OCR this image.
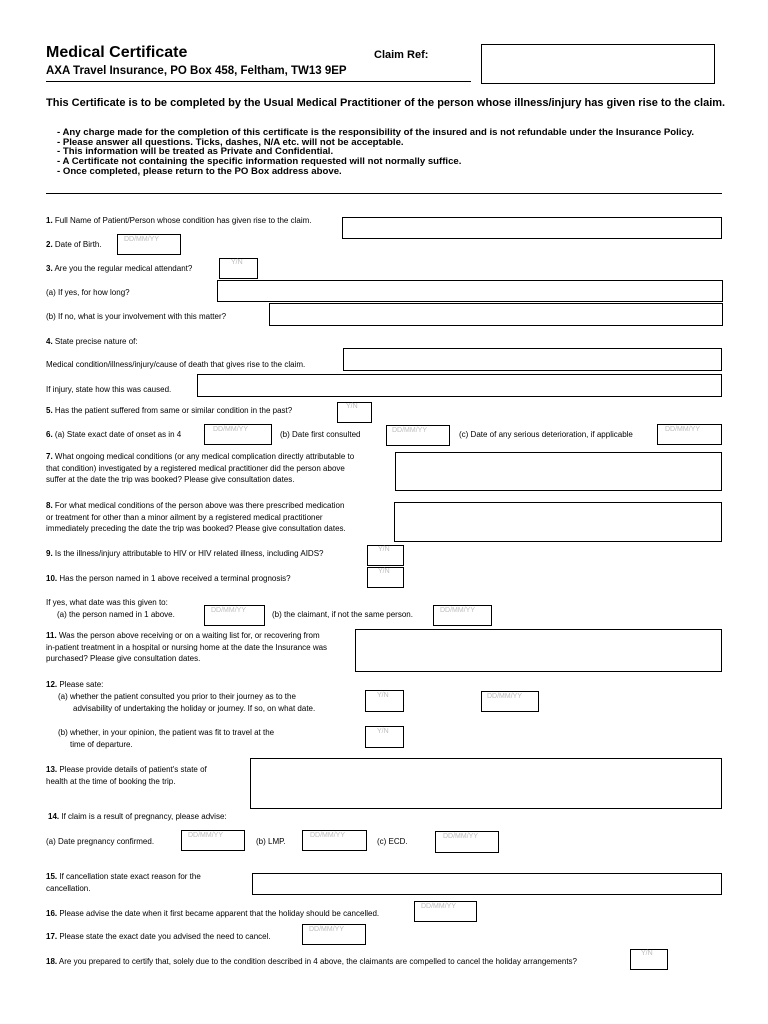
Medical Certificate
AXA Travel Insurance, PO Box 458, Feltham, TW13 9EP
Claim Ref:
This Certificate is to be completed by the Usual Medical Practitioner of the person whose illness/injury has given rise to the claim.
- Any charge made for the completion of this certificate is the responsibility of the insured and is not refundable under the Insurance Policy.
- Please answer all questions. Ticks, dashes, N/A etc. will not be acceptable.
- This information will be treated as Private and Confidential.
- A Certificate not containing the specific information requested will not normally suffice.
- Once completed, please return to the PO Box address above.
1. Full Name of Patient/Person whose condition has given rise to the claim.
2. Date of Birth.
DD/MM/YY
3. Are you the regular medical attendant?
Y/N
(a) If yes, for how long?
(b) If no, what is your involvement with this matter?
4. State precise nature of:
Medical condition/illness/injury/cause of death that gives rise to the claim.
If injury, state how this was caused.
5. Has the patient suffered from same or similar condition in the past?	Y/N
6. (a) State exact date of onset as in 4
DD/MM/YY
(b) Date first consulted	DD/MM/YY	(c) Date of any serious deterioration, if applicable
DD/MM/YY
7. What ongoing medical conditions (or any medical complication directly attributable to
that condition) investigated by a registered medical practitioner did the person above
suffer at the date the trip was booked? Please give consultation dates.
8. For what medical conditions of the person above was there prescribed medication
or treatment for other than a minor ailment by a registered medical practitioner
immediately preceding the date the trip was booked? Please give consultation dates.
9. Is the illness/injury attributable to HIV or HIV related illness, including AIDS?	Y/N
10. Has the person named in 1 above received a terminal prognosis?
Y/N
If yes, what date was this given to:
(a) the person named in 1 above.	DD/MM/YY	(b) the claimant, if not the same person.	DD/MM/YY
11. Was the person above receiving or on a waiting list for, or recovering from
in-patient treatment in a hospital or nursing home at the date the Insurance was
purchased? Please give consultation dates.
12. Please sate:
(a) whether the patient consulted you prior to their journey as to the
advisability of undertaking the holiday or journey. If so, on what date.
Y/N	DD/MM/YY
(b) whether, in your opinion, the patient was fit to travel at the
time of departure.
Y/N
13. Please provide details of patient's state of
health at the time of booking the trip.
14. If claim is a result of pregnancy, please advise:
(a) Date pregnancy confirmed.
DD/MM/YY
(b) LMP.
DD/MM/YY
(c) ECD.
DD/MM/YY
15. If cancellation state exact reason for the
cancellation.
16. Please advise the date when it first became apparent that the holiday should be cancelled.
DD/MM/YY
17. Please state the exact date you advised the need to cancel.
DD/MM/YY
18. Are you prepared to certify that, solely due to the condition described in 4 above, the claimants are compelled to cancel the holiday arrangements?
Y/N
